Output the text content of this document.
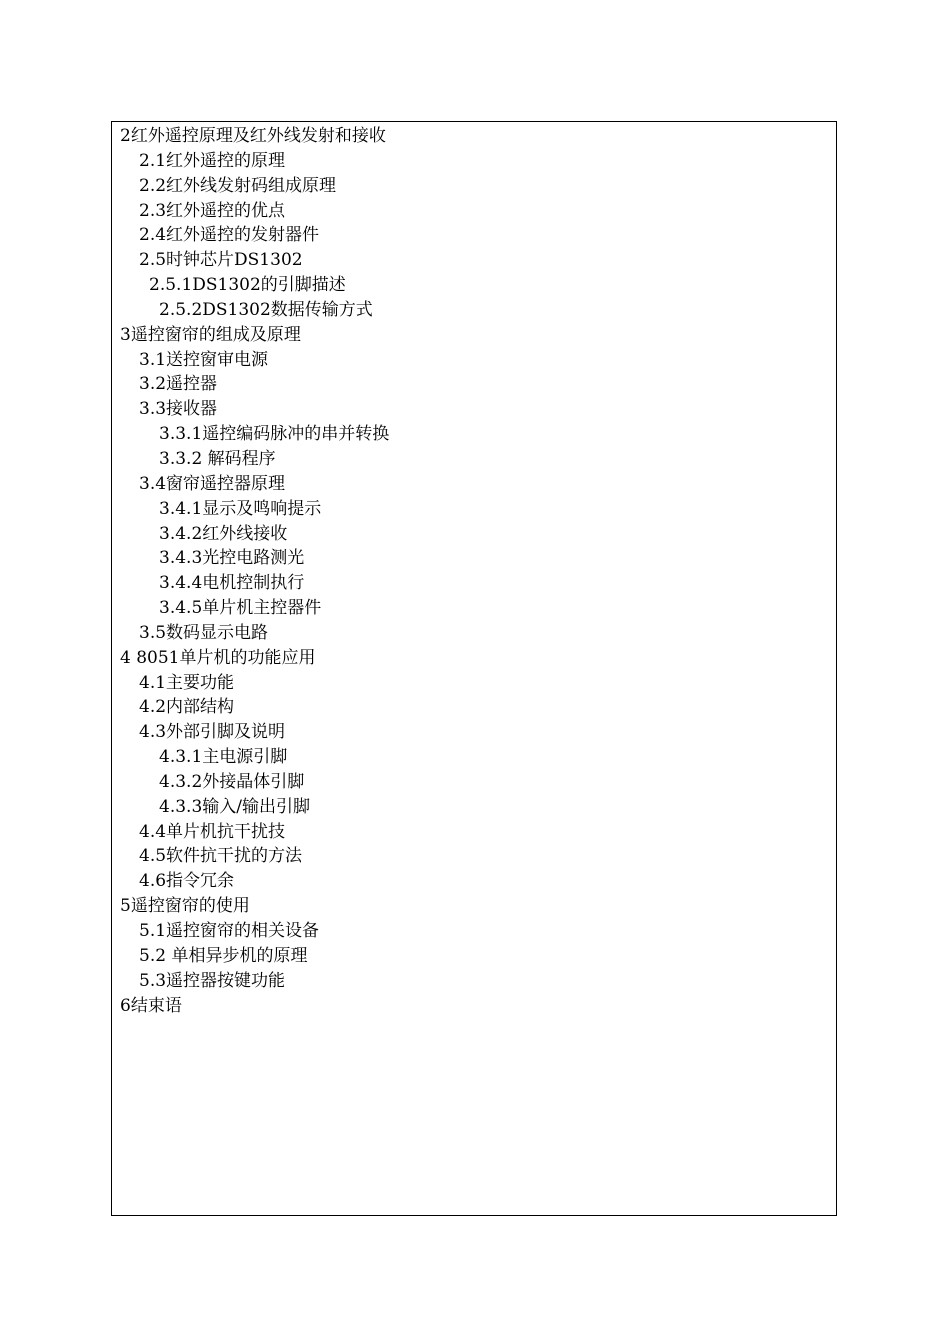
2红外遥控原理及红外线发射和接收
2.1红外遥控的原理
2.2红外线发射码组成原理
2.3红外遥控的优点
2.4红外遥控的发射器件
2.5时钟芯片DS1302
2.5.1DS1302的引脚描述
2.5.2DS1302数据传输方式
3遥控窗帘的组成及原理
3.1送控窗审电源
3.2遥控器
3.3接收器
3.3.1遥控编码脉冲的串并转换
3.3.2 解码程序
3.4窗帘遥控器原理
3.4.1显示及鸣响提示
3.4.2红外线接收
3.4.3光控电路测光
3.4.4电机控制执行
3.4.5单片机主控器件
3.5数码显示电路
4 8051单片机的功能应用
4.1主要功能
4.2内部结构
4.3外部引脚及说明
4.3.1主电源引脚
4.3.2外接晶体引脚
4.3.3输入/输出引脚
4.4单片机抗干扰技
4.5软件抗干扰的方法
4.6指令冗余
5遥控窗帘的使用
5.1遥控窗帘的相关设备
5.2 单相异步机的原理
5.3遥控器按键功能
6结束语
